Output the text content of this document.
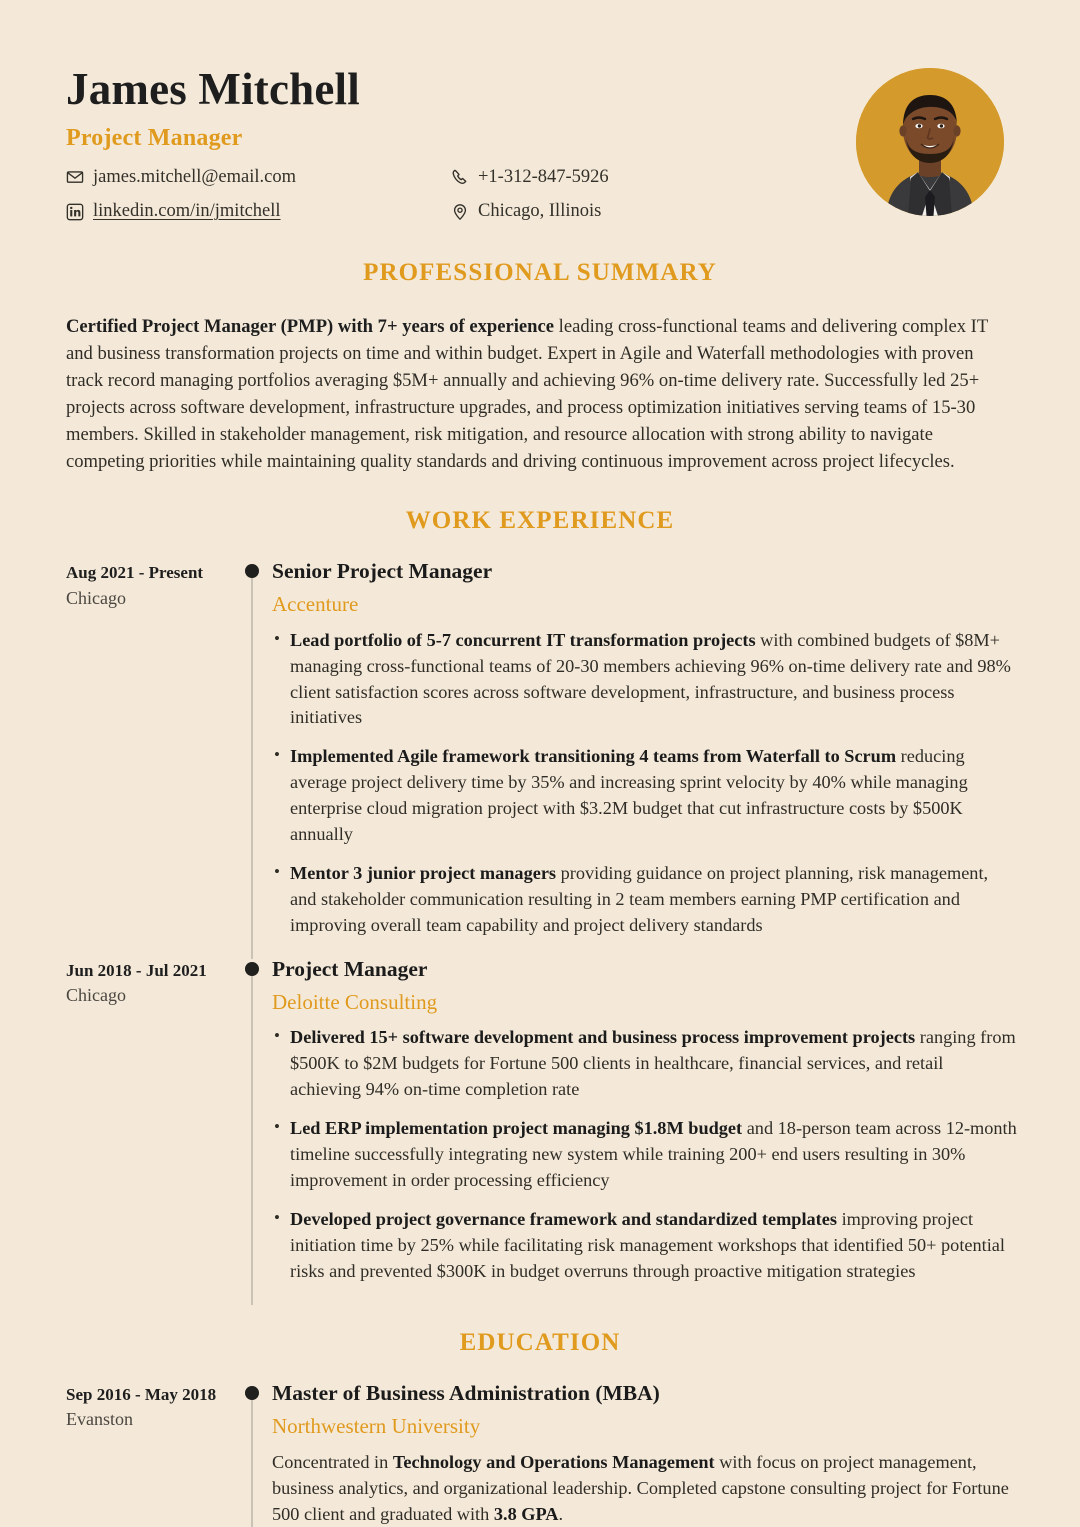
James Mitchell
Project Manager
james.mitchell@email.com	+1-312-847-5926
linkedin.com/in/jmitchell	Chicago, Illinois
PROFESSIONAL SUMMARY
Certified Project Manager (PMP) with 7+ years of experience leading cross-functional teams and delivering complex IT and business transformation projects on time and within budget. Expert in Agile and Waterfall methodologies with proven track record managing portfolios averaging $5M+ annually and achieving 96% on-time delivery rate. Successfully led 25+ projects across software development, infrastructure upgrades, and process optimization initiatives serving teams of 15-30 members. Skilled in stakeholder management, risk mitigation, and resource allocation with strong ability to navigate competing priorities while maintaining quality standards and driving continuous improvement across project lifecycles.
WORK EXPERIENCE
Aug 2021 - Present
Chicago
Senior Project Manager
Accenture
• Lead portfolio of 5-7 concurrent IT transformation projects with combined budgets of $8M+ managing cross-functional teams of 20-30 members achieving 96% on-time delivery rate and 98% client satisfaction scores across software development, infrastructure, and business process initiatives
• Implemented Agile framework transitioning 4 teams from Waterfall to Scrum reducing average project delivery time by 35% and increasing sprint velocity by 40% while managing enterprise cloud migration project with $3.2M budget that cut infrastructure costs by $500K annually
• Mentor 3 junior project managers providing guidance on project planning, risk management, and stakeholder communication resulting in 2 team members earning PMP certification and improving overall team capability and project delivery standards
Jun 2018 - Jul 2021
Chicago
Project Manager
Deloitte Consulting
• Delivered 15+ software development and business process improvement projects ranging from $500K to $2M budgets for Fortune 500 clients in healthcare, financial services, and retail achieving 94% on-time completion rate
• Led ERP implementation project managing $1.8M budget and 18-person team across 12-month timeline successfully integrating new system while training 200+ end users resulting in 30% improvement in order processing efficiency
• Developed project governance framework and standardized templates improving project initiation time by 25% while facilitating risk management workshops that identified 50+ potential risks and prevented $300K in budget overruns through proactive mitigation strategies
EDUCATION
Sep 2016 - May 2018
Evanston
Master of Business Administration (MBA)
Northwestern University
Concentrated in Technology and Operations Management with focus on project management, business analytics, and organizational leadership. Completed capstone consulting project for Fortune 500 client and graduated with 3.8 GPA.
